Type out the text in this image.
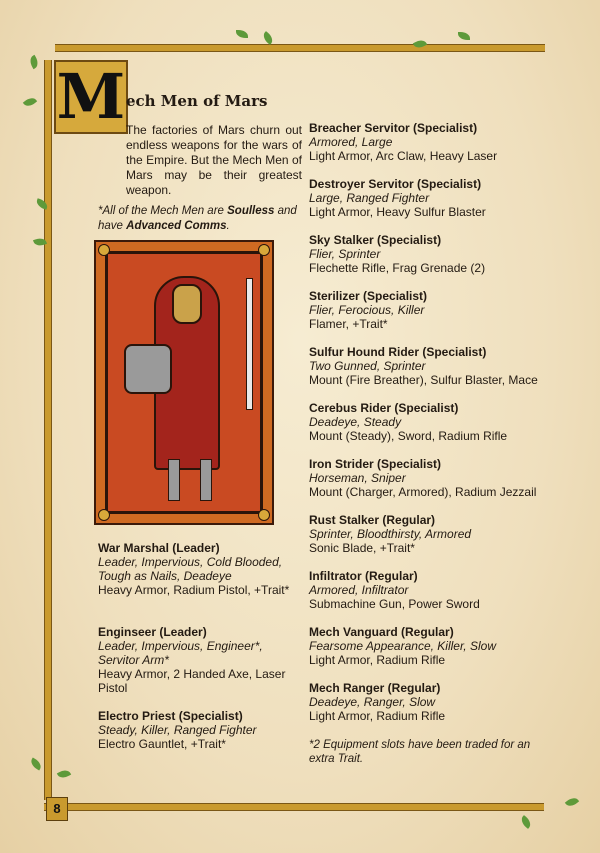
M ech Men of Mars
The factories of Mars churn out endless weapons for the wars of the Empire. But the Mech Men of Mars may be their greatest weapon.
*All of the Mech Men are Soulless and have Advanced Comms.
War Marshal (Leader)
Leader, Impervious, Cold Blooded, Tough as Nails, Deadeye
Heavy Armor, Radium Pistol, +Trait*
Enginseer (Leader)
Leader, Impervious, Engineer*, Servitor Arm*
Heavy Armor, 2 Handed Axe, Laser Pistol
Electro Priest (Specialist)
Steady, Killer, Ranged Fighter
Electro Gauntlet, +Trait*
Breacher Servitor (Specialist)
Armored, Large
Light Armor, Arc Claw, Heavy Laser
Destroyer Servitor (Specialist)
Large, Ranged Fighter
Light Armor, Heavy Sulfur Blaster
Sky Stalker (Specialist)
Flier, Sprinter
Flechette Rifle, Frag Grenade (2)
Sterilizer (Specialist)
Flier, Ferocious, Killer
Flamer, +Trait*
Sulfur Hound Rider (Specialist)
Two Gunned, Sprinter
Mount (Fire Breather), Sulfur Blaster, Mace
Cerebus Rider (Specialist)
Deadeye, Steady
Mount (Steady), Sword, Radium Rifle
Iron Strider (Specialist)
Horseman, Sniper
Mount (Charger, Armored), Radium Jezzail
Rust Stalker (Regular)
Sprinter, Bloodthirsty, Armored
Sonic Blade, +Trait*
Infiltrator (Regular)
Armored, Infiltrator
Submachine Gun, Power Sword
Mech Vanguard (Regular)
Fearsome Appearance, Killer, Slow
Light Armor, Radium Rifle
Mech Ranger (Regular)
Deadeye, Ranger, Slow
Light Armor, Radium Rifle
*2 Equipment slots have been traded for an extra Trait.
8
